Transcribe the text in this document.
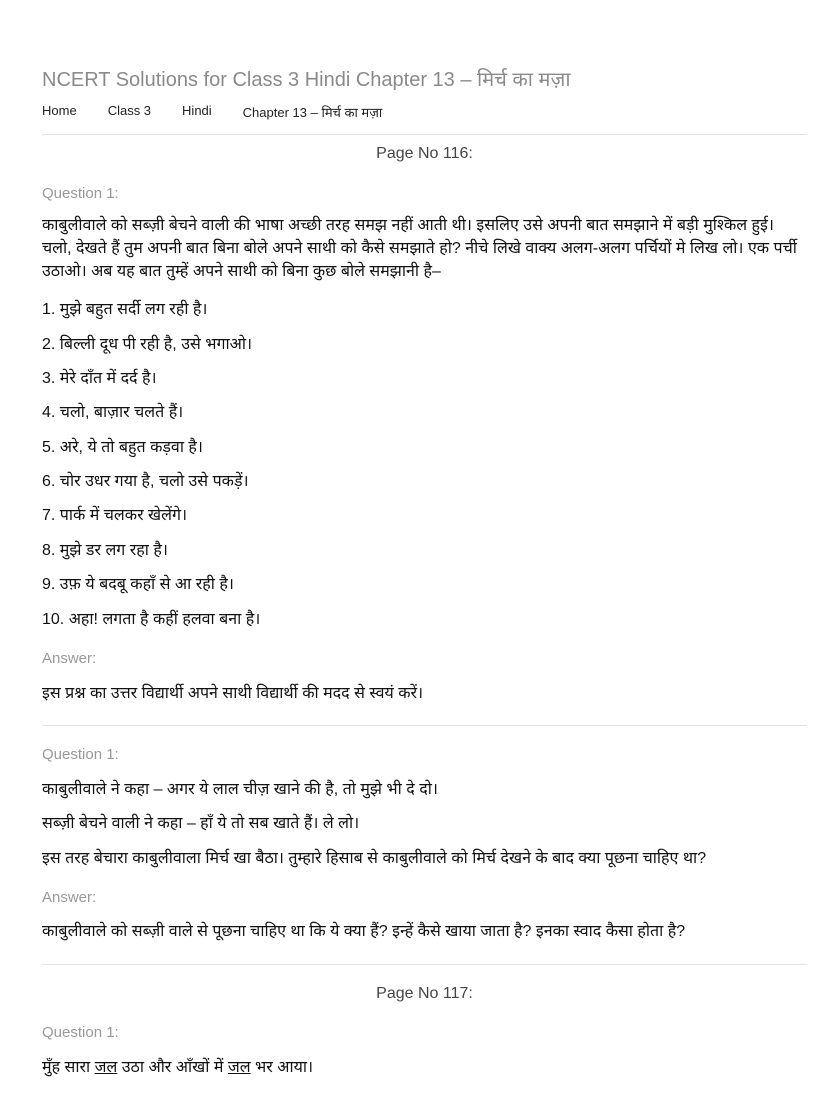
NCERT Solutions for Class 3 Hindi Chapter 13 – मिर्च का मज़ा
Home Class 3 Hindi Chapter 13 – मिर्च का मज़ा
Page No 116:
Question 1:
काबुलीवाले को सब्ज़ी बेचने वाली की भाषा अच्छी तरह समझ नहीं आती थी। इसलिए उसे अपनी बात समझाने में बड़ी मुश्किल हुई। चलो, देखते हैं तुम अपनी बात बिना बोले अपने साथी को कैसे समझाते हो? नीचे लिखे वाक्य अलग-अलग पर्चियों मे लिख लो। एक पर्ची उठाओ। अब यह बात तुम्हें अपने साथी को बिना कुछ बोले समझानी है–
1. मुझे बहुत सर्दी लग रही है।
2. बिल्ली दूध पी रही है, उसे भगाओ।
3. मेरे दाँत में दर्द है।
4. चलो, बाज़ार चलते हैं।
5. अरे, ये तो बहुत कड़वा है।
6. चोर उधर गया है, चलो उसे पकड़ें।
7. पार्क में चलकर खेलेंगे।
8. मुझे डर लग रहा है।
9. उफ़ ये बदबू कहाँ से आ रही है।
10. अहा! लगता है कहीं हलवा बना है।
Answer:
इस प्रश्न का उत्तर विद्यार्थी अपने साथी विद्यार्थी की मदद से स्वयं करें।
Question 1:
काबुलीवाले ने कहा – अगर ये लाल चीज़ खाने की है, तो मुझे भी दे दो।
सब्ज़ी बेचने वाली ने कहा – हाँ ये तो सब खाते हैं। ले लो।
इस तरह बेचारा काबुलीवाला मिर्च खा बैठा। तुम्हारे हिसाब से काबुलीवाले को मिर्च देखने के बाद क्या पूछना चाहिए था?
Answer:
काबुलीवाले को सब्ज़ी वाले से पूछना चाहिए था कि ये क्या हैं? इन्हें कैसे खाया जाता है? इनका स्वाद कैसा होता है?
Page No 117:
Question 1:
मुँह सारा जल उठा और आँखों में जल भर आया।
